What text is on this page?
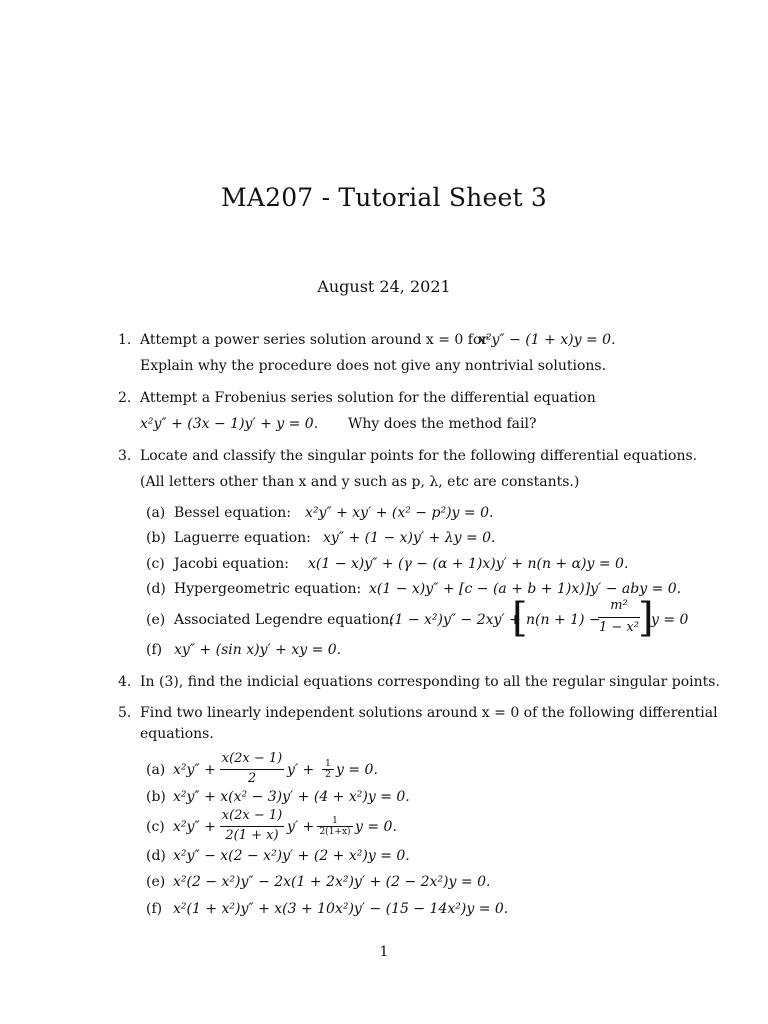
MA207 - Tutorial Sheet 3
August 24, 2021
1. Attempt a power series solution around x = 0 for
x²y″ − (1 + x)y = 0.
Explain why the procedure does not give any nontrivial solutions.
2. Attempt a Frobenius series solution for the differential equation
x²y″ + (3x − 1)y′ + y = 0. Why does the method fail?
3. Locate and classify the singular points for the following differential equations.
(All letters other than x and y such as p, λ, etc are constants.)
(a) Bessel equation: x²y″ + xy′ + (x² − p²)y = 0.
(b) Laguerre equation: xy″ + (1 − x)y′ + λy = 0.
(c) Jacobi equation: x(1 − x)y″ + (γ − (α + 1)x)y′ + n(n + α)y = 0.
(d) Hypergeometric equation: x(1 − x)y″ + [c − (a + b + 1)x)]y′ − aby = 0.
(e) Associated Legendre equation:
(1 − x²)y″ − 2xy′ +
[
n(n + 1) −
m²
1 − x² ]
y = 0
(f) xy″ + (sin x)y′ + xy = 0.
4. In (3), find the indicial equations corresponding to all the regular singular points.
5. Find two linearly independent solutions around x = 0 of the following differential
equations.
(a) x²y″ +
x(2x − 1)
2
y′ +	1
2 y = 0.
(b) x²y″ + x(x² − 3)y′ + (4 + x²)y = 0.
(c) x²y″ +
x(2x − 1)
2(1 + x)
y′ +	1
2(1+x) y = 0.
(d) x²y″ − x(2 − x²)y′ + (2 + x²)y = 0.
(e) x²(2 − x²)y″ − 2x(1 + 2x²)y′ + (2 − 2x²)y = 0.
(f) x²(1 + x²)y″ + x(3 + 10x²)y′ − (15 − 14x²)y = 0.
1
